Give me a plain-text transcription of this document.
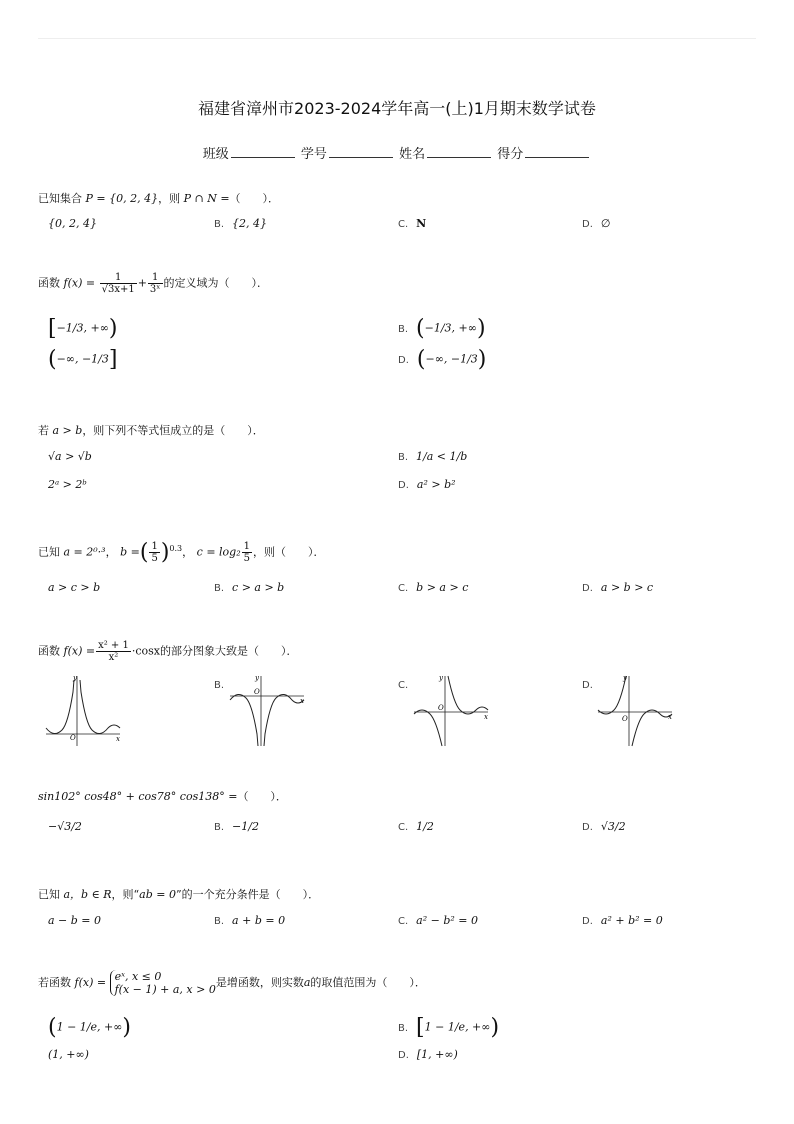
福建省漳州市2023-2024学年高一(上)1月期末数学试卷
班级	学号	姓名	得分
已知集合 P = {0, 2, 4}，则 P ∩ N =（　　）．
{0, 2, 4}	B. {2, 4}	C. N	D. ∅
函数 $f(x) = \frac{1}{√3x+1} + \frac{1}{\text{3ˣ}}$ 的定义域为（　　）．
[−1/3, +∞)	B. (−1/3, +∞)
(−∞, −1/3]	D. (−∞, −1/3)
若 a > b，则下列不等式恒成立的是（　　）．
√a > √b	B. 1/a < 1/b
2ᵃ > 2ᵇ	D. a² > b²
已知 a = 2⁰·³， b =( $\frac{1}{5} )^{0.3}$， $c = \log_2 \frac{1}{5}$ ，则（　　）．
a > c > b	B. c > a > b	C. b > a > c	D. a > b > c
函数 $f(x) = \frac{\text{x² + 1}}{\text{x²}} \cdot\cos x$的部分图象大致是（　　）．
B.	C.	D.
y
x
O
y
x
O
y
x
O
y
x
O
sin102° cos48° + cos78° cos138° =（　　）．
−√3/2	B. −1/2	C. 1/2	D. √3/2
已知 a，b ∈ R，则“ab = 0”的一个充分条件是（　　）．
a − b = 0	B. a + b = 0	C. a² − b² = 0	D. a² + b² = 0
若函数 f(x) = eˣ, x ≤ 0
f(x − 1) + a, x > 0
是增函数，则实数a的取值范围为（　　）．
(1 − 1/e, +∞)	B. [1 − 1/e, +∞)
(1, +∞)	D. [1, +∞)
